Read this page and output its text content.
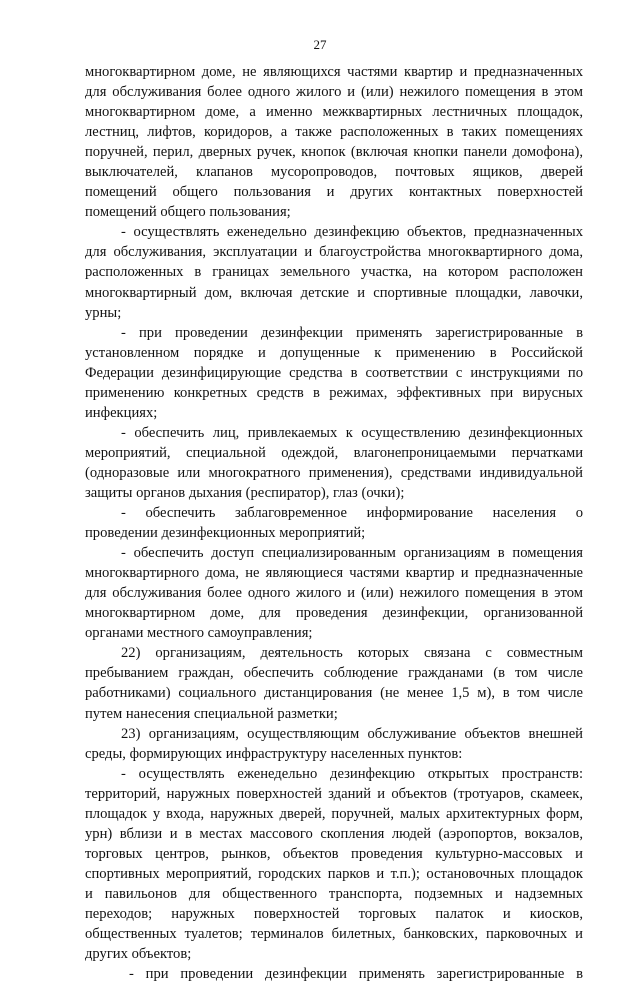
27
многоквартирном доме, не являющихся частями квартир и предназначенных
для обслуживания более одного жилого и (или) нежилого помещения в этом
многоквартирном доме, а именно межквартирных лестничных площадок,
лестниц, лифтов, коридоров, а также расположенных в таких помещениях
поручней, перил, дверных ручек, кнопок (включая кнопки панели домофона),
выключателей, клапанов мусоропроводов, почтовых ящиков, дверей
помещений общего пользования и других контактных поверхностей
помещений общего пользования;
- осуществлять еженедельно дезинфекцию объектов, предназначенных
для обслуживания, эксплуатации и благоустройства многоквартирного дома,
расположенных в границах земельного участка, на котором расположен
многоквартирный дом, включая детские и спортивные площадки, лавочки,
урны;
- при проведении дезинфекции применять зарегистрированные в
установленном порядке и допущенные к применению в Российской
Федерации дезинфицирующие средства в соответствии с инструкциями по
применению конкретных средств в режимах, эффективных при вирусных
инфекциях;
- обеспечить лиц, привлекаемых к осуществлению дезинфекционных
мероприятий, специальной одеждой, влагонепроницаемыми перчатками
(одноразовые или многократного применения), средствами индивидуальной
защиты органов дыхания (респиратор), глаз (очки);
- обеспечить заблаговременное информирование населения о
проведении дезинфекционных мероприятий;
- обеспечить доступ специализированным организациям в помещения
многоквартирного дома, не являющиеся частями квартир и предназначенные
для обслуживания более одного жилого и (или) нежилого помещения в этом
многоквартирном доме, для проведения дезинфекции, организованной
органами местного самоуправления;
22) организациям, деятельность которых связана с совместным
пребыванием граждан, обеспечить соблюдение гражданами (в том числе
работниками) социального дистанцирования (не менее 1,5 м), в том числе
путем нанесения специальной разметки;
23) организациям, осуществляющим обслуживание объектов внешней
среды, формирующих инфраструктуру населенных пунктов:
- осуществлять еженедельно дезинфекцию открытых пространств:
территорий, наружных поверхностей зданий и объектов (тротуаров, скамеек,
площадок у входа, наружных дверей, поручней, малых архитектурных форм,
урн) вблизи и в местах массового скопления людей (аэропортов, вокзалов,
торговых центров, рынков, объектов проведения культурно-массовых и
спортивных мероприятий, городских парков и т.п.); остановочных площадок
и павильонов для общественного транспорта, подземных и надземных
переходов; наружных поверхностей торговых палаток и киосков,
общественных туалетов; терминалов билетных, банковских, парковочных и
других объектов;
- при проведении дезинфекции применять зарегистрированные в
